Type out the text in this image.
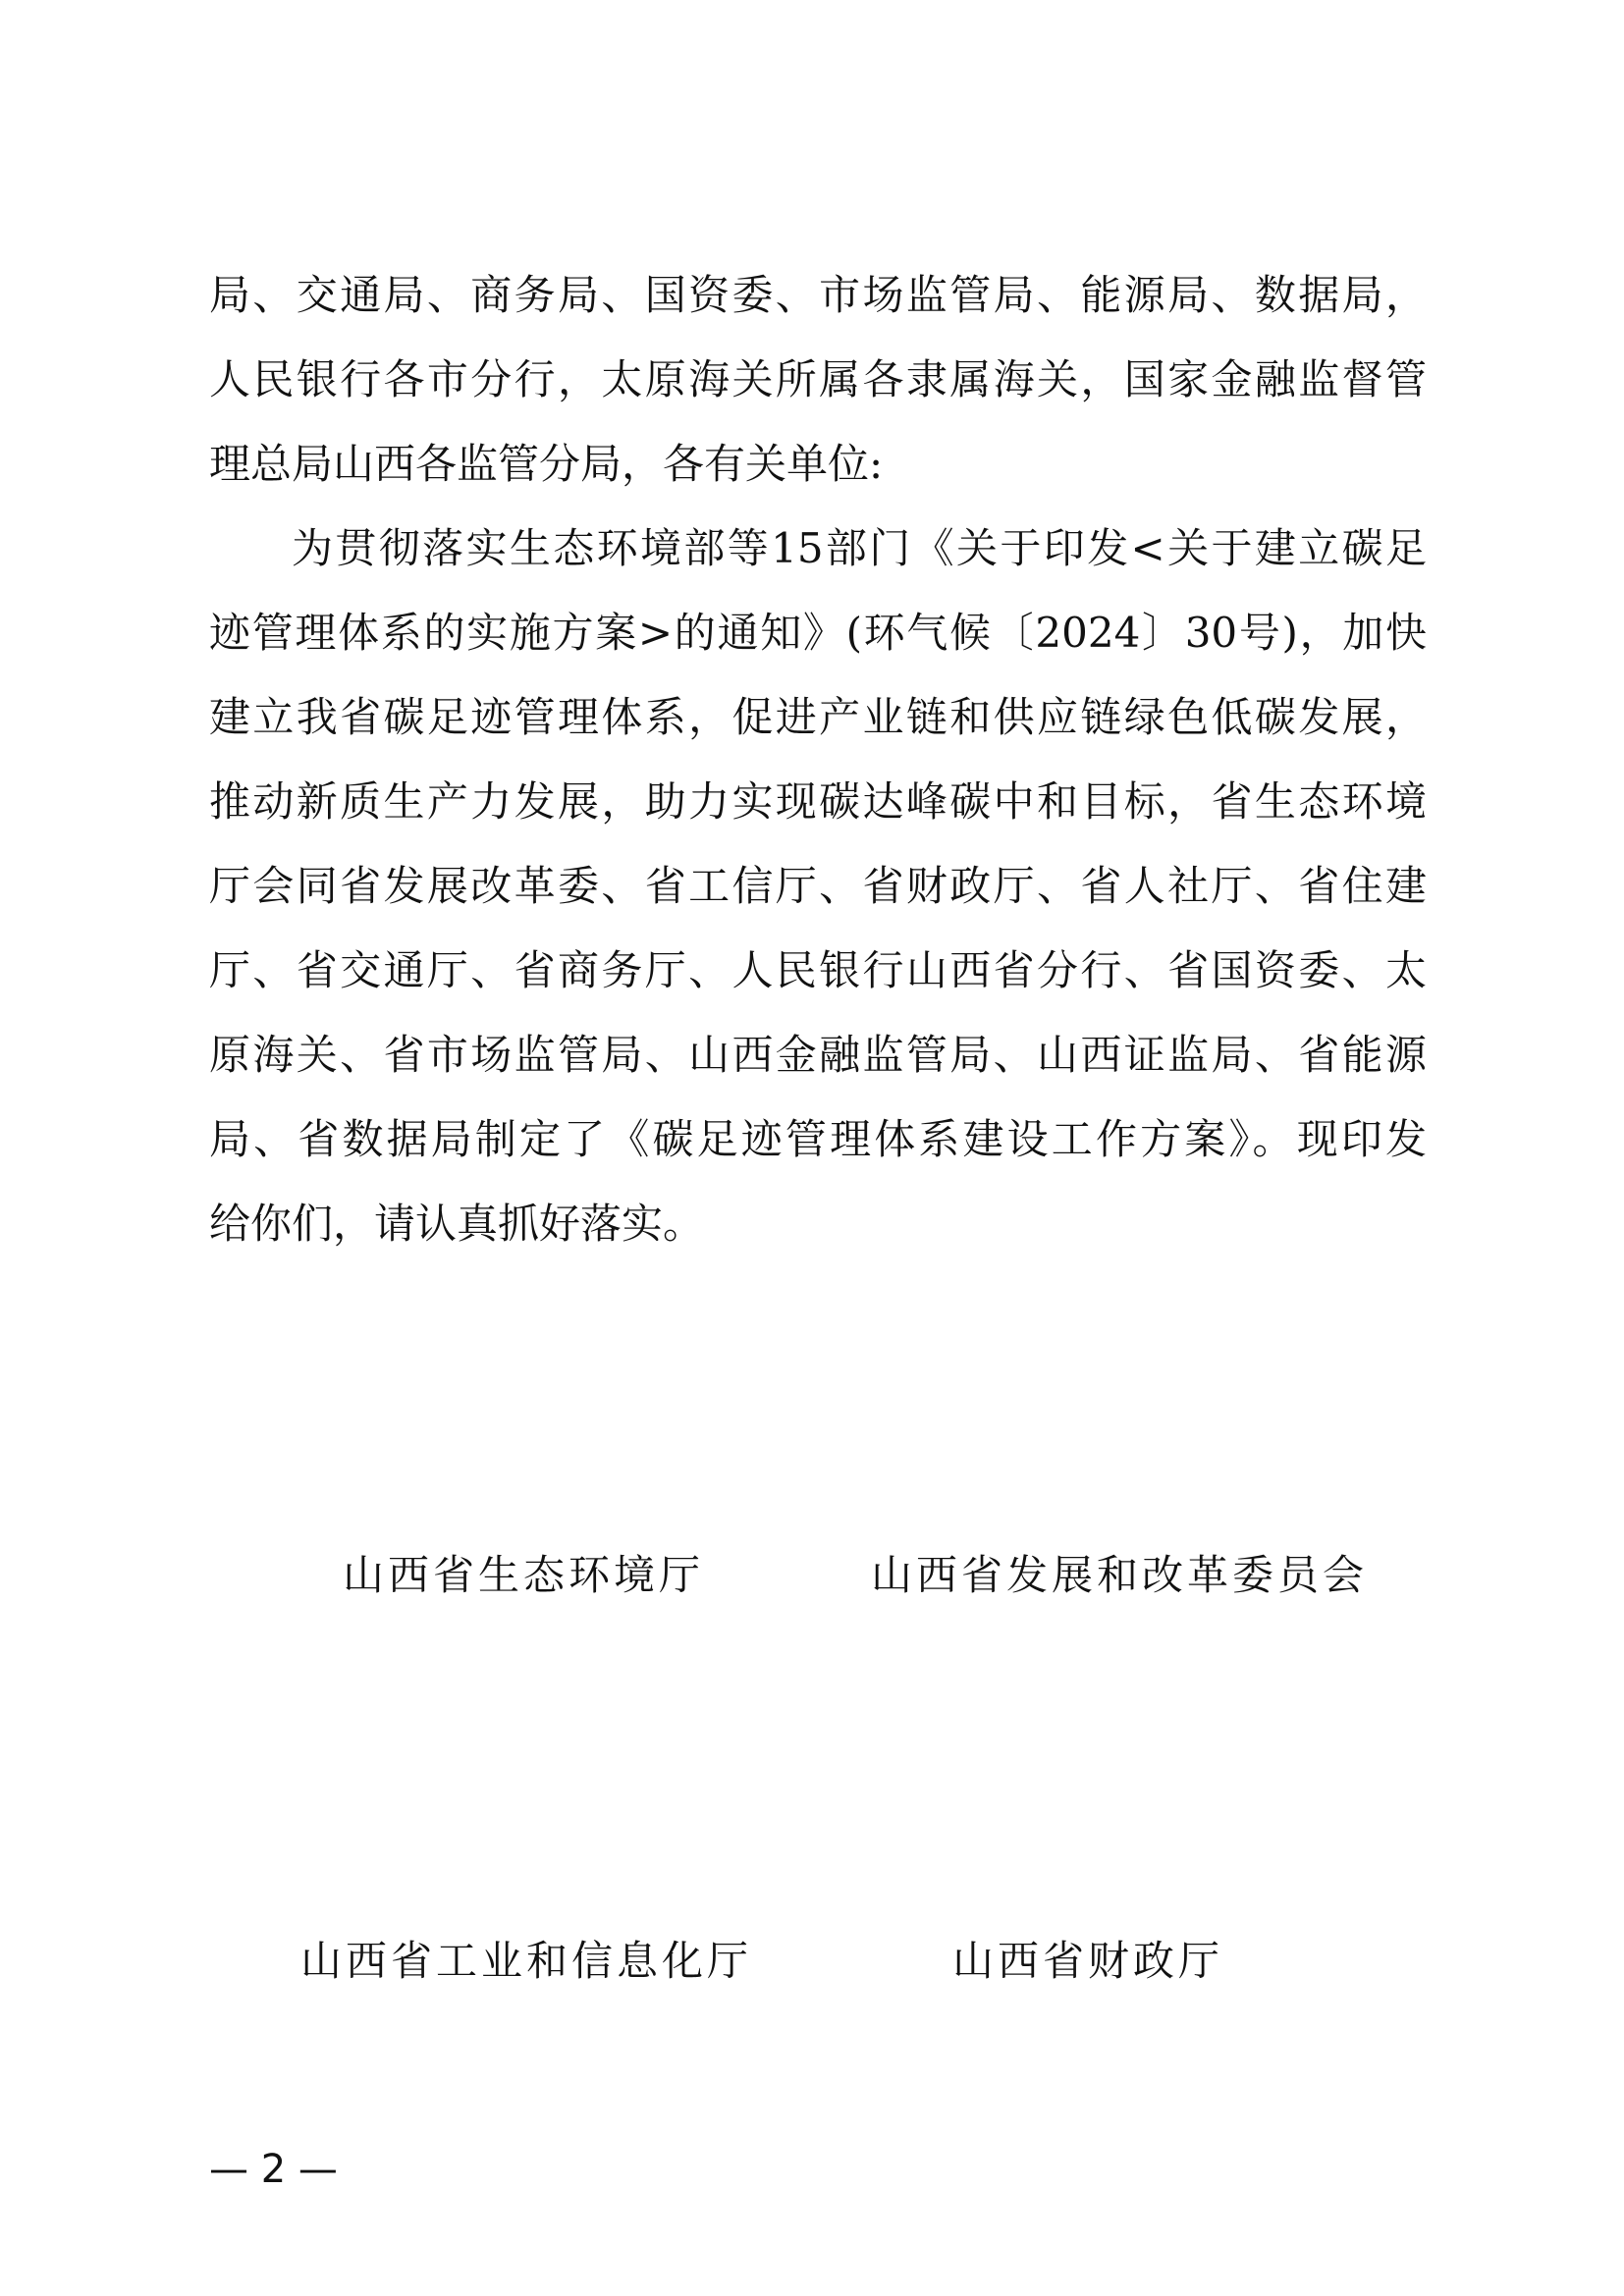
局、交通局、商务局、国资委、市场监管局、能源局、数据局，
人民银行各市分行，太原海关所属各隶属海关，国家金融监督管
理总局山西各监管分局，各有关单位:
为贯彻落实生态环境部等15部门《关于印发<关于建立碳足
迹管理体系的实施方案>的通知》(环气候〔2024〕30号)，加快
建立我省碳足迹管理体系，促进产业链和供应链绿色低碳发展，
推动新质生产力发展，助力实现碳达峰碳中和目标，省生态环境
厅会同省发展改革委、省工信厅、省财政厅、省人社厅、省住建
厅、省交通厅、省商务厅、人民银行山西省分行、省国资委、太
原海关、省市场监管局、山西金融监管局、山西证监局、省能源
局、省数据局制定了《碳足迹管理体系建设工作方案》。现印发
给你们，请认真抓好落实。
山西省生态环境厅	山西省发展和改革委员会
山西省工业和信息化厅	山西省财政厅
— 2 —
